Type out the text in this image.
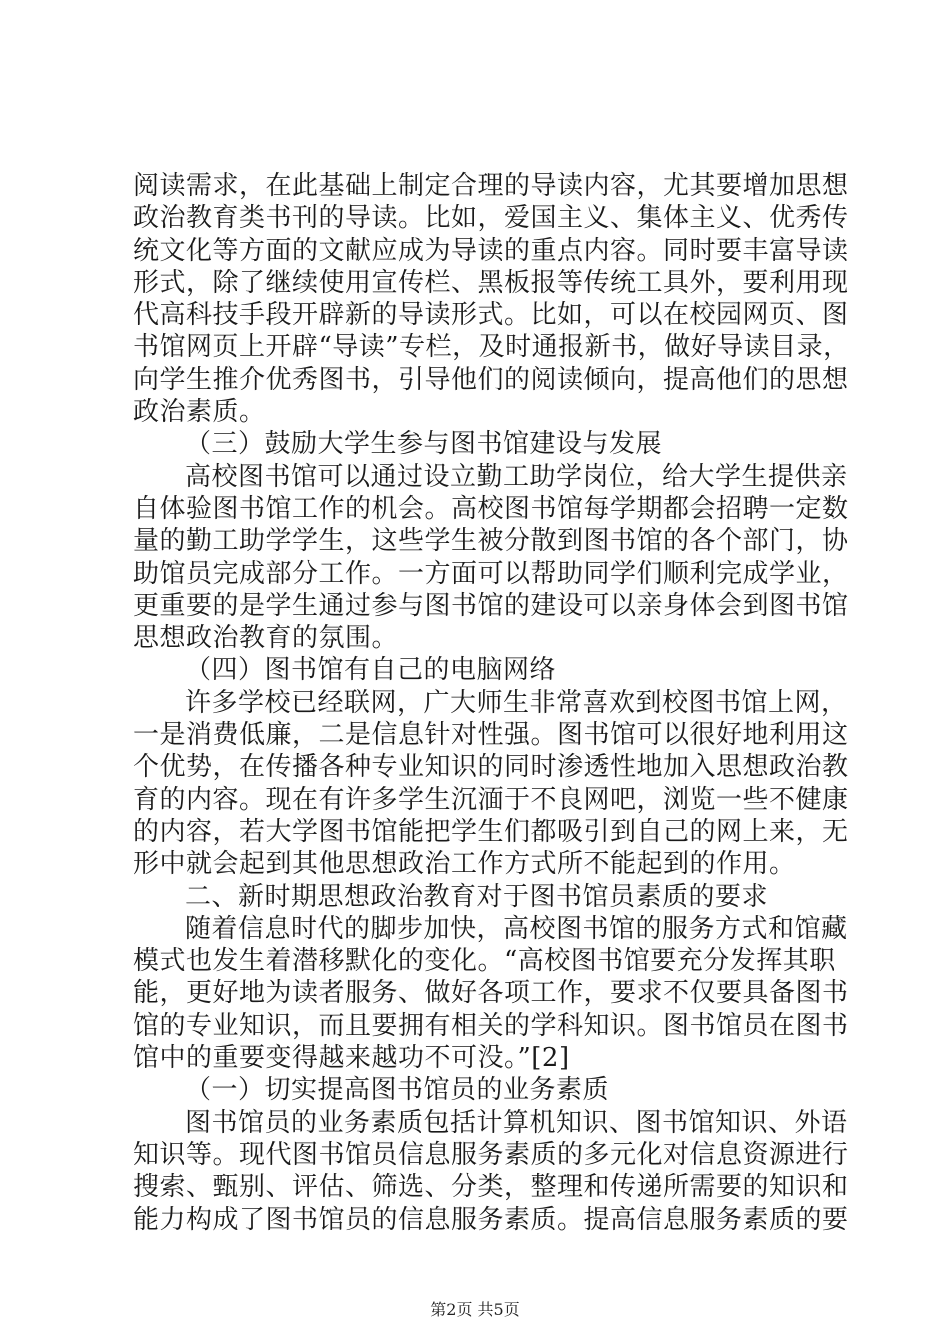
阅读需求，在此基础上制定合理的导读内容，尤其要增加思想
政治教育类书刊的导读。比如，爱国主义、集体主义、优秀传
统文化等方面的文献应成为导读的重点内容。同时要丰富导读
形式，除了继续使用宣传栏、黑板报等传统工具外，要利用现
代高科技手段开辟新的导读形式。比如，可以在校园网页、图
书馆网页上开辟“导读”专栏，及时通报新书，做好导读目录，
向学生推介优秀图书，引导他们的阅读倾向，提高他们的思想
政治素质。
（三）鼓励大学生参与图书馆建设与发展
高校图书馆可以通过设立勤工助学岗位，给大学生提供亲
自体验图书馆工作的机会。高校图书馆每学期都会招聘一定数
量的勤工助学学生，这些学生被分散到图书馆的各个部门，协
助馆员完成部分工作。一方面可以帮助同学们顺利完成学业，
更重要的是学生通过参与图书馆的建设可以亲身体会到图书馆
思想政治教育的氛围。
（四）图书馆有自己的电脑网络
许多学校已经联网，广大师生非常喜欢到校图书馆上网，
一是消费低廉，二是信息针对性强。图书馆可以很好地利用这
个优势，在传播各种专业知识的同时渗透性地加入思想政治教
育的内容。现在有许多学生沉湎于不良网吧，浏览一些不健康
的内容，若大学图书馆能把学生们都吸引到自己的网上来，无
形中就会起到其他思想政治工作方式所不能起到的作用。
二、新时期思想政治教育对于图书馆员素质的要求
随着信息时代的脚步加快，高校图书馆的服务方式和馆藏
模式也发生着潜移默化的变化。“高校图书馆要充分发挥其职
能，更好地为读者服务、做好各项工作，要求不仅要具备图书
馆的专业知识，而且要拥有相关的学科知识。图书馆员在图书
馆中的重要变得越来越功不可没。”[2]
（一）切实提高图书馆员的业务素质
图书馆员的业务素质包括计算机知识、图书馆知识、外语
知识等。现代图书馆员信息服务素质的多元化对信息资源进行
搜索、甄别、评估、筛选、分类，整理和传递所需要的知识和
能力构成了图书馆员的信息服务素质。提高信息服务素质的要
第2页 共5页
